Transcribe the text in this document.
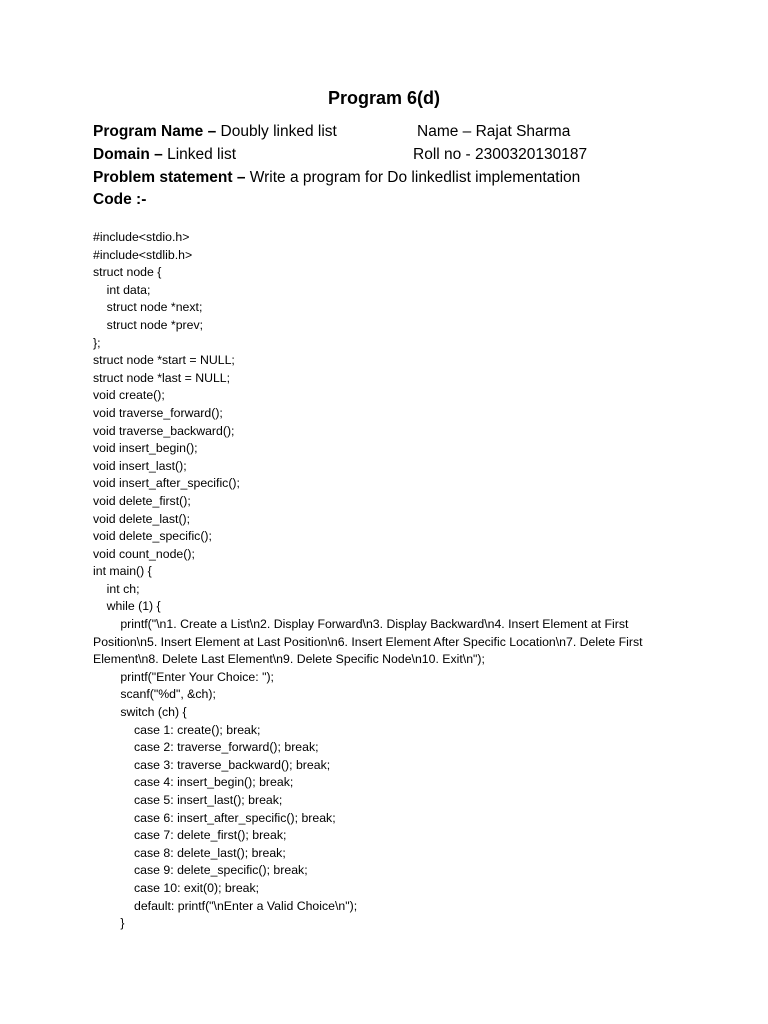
Program 6(d)
Program Name – Doubly linked list	Name – Rajat Sharma
Domain – Linked list	Roll no - 2300320130187
Problem statement – Write a program for Do linkedlist implementation
Code :-
#include<stdio.h>
#include<stdlib.h>
struct node {
int data;
struct node *next;
struct node *prev;
};
struct node *start = NULL;
struct node *last = NULL;
void create();
void traverse_forward();
void traverse_backward();
void insert_begin();
void insert_last();
void insert_after_specific();
void delete_first();
void delete_last();
void delete_specific();
void count_node();
int main() {
int ch;
while (1) {
printf("\n1. Create a List\n2. Display Forward\n3. Display Backward\n4. Insert Element at First Position\n5. Insert Element at Last Position\n6. Insert Element After Specific Location\n7. Delete First Element\n8. Delete Last Element\n9. Delete Specific Node\n10. Exit\n");
printf("Enter Your Choice: ");
scanf("%d", &ch);
switch (ch) {
case 1: create(); break;
case 2: traverse_forward(); break;
case 3: traverse_backward(); break;
case 4: insert_begin(); break;
case 5: insert_last(); break;
case 6: insert_after_specific(); break;
case 7: delete_first(); break;
case 8: delete_last(); break;
case 9: delete_specific(); break;
case 10: exit(0); break;
default: printf("\nEnter a Valid Choice\n");
}
